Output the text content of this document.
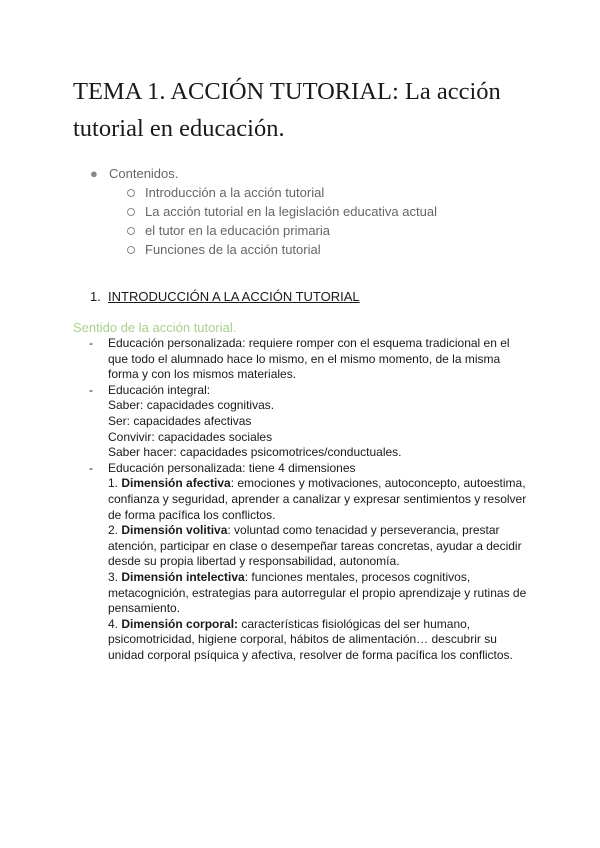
TEMA 1. ACCIÓN TUTORIAL: La acción tutorial en educación.
● Contenidos.
Introducción a la acción tutorial
La acción tutorial en la legislación educativa actual
el tutor en la educación primaria
Funciones de la acción tutorial
1. INTRODUCCIÓN A LA ACCIÓN TUTORIAL
Sentido de la acción tutorial.
- Educación personalizada: requiere romper con el esquema tradicional en el que todo el alumnado hace lo mismo, en el mismo momento, de la misma forma y con los mismos materiales.
- Educación integral:
Saber: capacidades cognitivas.
Ser: capacidades afectivas
Convivir: capacidades sociales
Saber hacer: capacidades psicomotrices/conductuales.
- Educación personalizada: tiene 4 dimensiones
1. Dimensión afectiva: emociones y motivaciones, autoconcepto, autoestima, confianza y seguridad, aprender a canalizar y expresar sentimientos y resolver de forma pacífica los conflictos.
2. Dimensión volitiva: voluntad como tenacidad y perseverancia, prestar atención, participar en clase o desempeñar tareas concretas, ayudar a decidir desde su propia libertad y responsabilidad, autonomía.
3. Dimensión intelectiva: funciones mentales, procesos cognitivos, metacognición, estrategias para autorregular el propio aprendizaje y rutinas de pensamiento.
4. Dimensión corporal: características fisiológicas del ser humano, psicomotricidad, higiene corporal, hábitos de alimentación… descubrir su unidad corporal psíquica y afectiva, resolver de forma pacífica los conflictos.
